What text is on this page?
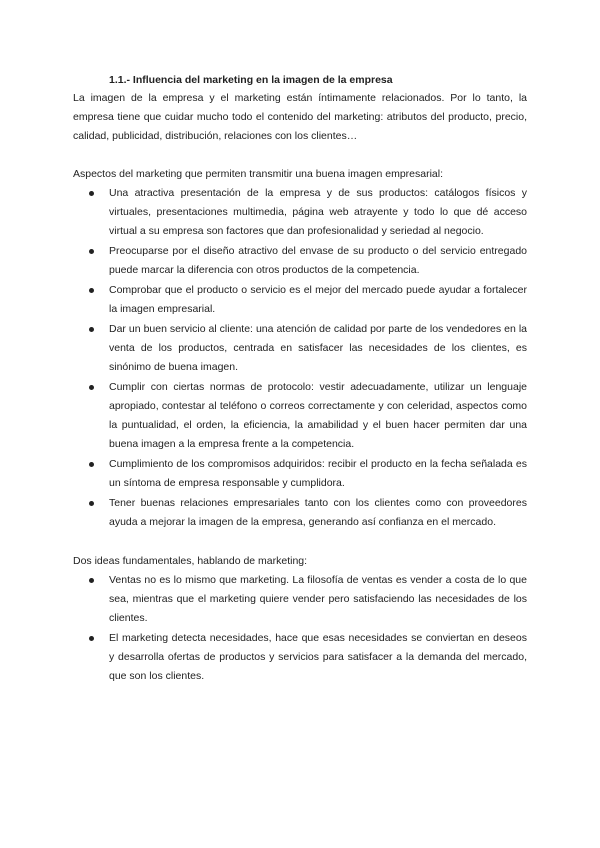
1.1.- Influencia del marketing en la imagen de la empresa

La imagen de la empresa y el marketing están íntimamente relacionados. Por lo tanto, la empresa tiene que cuidar mucho todo el contenido del marketing: atributos del producto, precio, calidad, publicidad, distribución, relaciones con los clientes…

Aspectos del marketing que permiten transmitir una buena imagen empresarial:

Una atractiva presentación de la empresa y de sus productos: catálogos físicos y virtuales, presentaciones multimedia, página web atrayente y todo lo que dé acceso virtual a su empresa son factores que dan profesionalidad y seriedad al negocio.
Preocuparse por el diseño atractivo del envase de su producto o del servicio entregado puede marcar la diferencia con otros productos de la competencia.
Comprobar que el producto o servicio es el mejor del mercado puede ayudar a fortalecer la imagen empresarial.
Dar un buen servicio al cliente: una atención de calidad por parte de los vendedores en la venta de los productos, centrada en satisfacer las necesidades de los clientes, es sinónimo de buena imagen.
Cumplir con ciertas normas de protocolo: vestir adecuadamente, utilizar un lenguaje apropiado, contestar al teléfono o correos correctamente y con celeridad, aspectos como la puntualidad, el orden, la eficiencia, la amabilidad y el buen hacer permiten dar una buena imagen a la empresa frente a la competencia.
Cumplimiento de los compromisos adquiridos: recibir el producto en la fecha señalada es un síntoma de empresa responsable y cumplidora.
Tener buenas relaciones empresariales tanto con los clientes como con proveedores ayuda a mejorar la imagen de la empresa, generando así confianza en el mercado.

Dos ideas fundamentales, hablando de marketing:

Ventas no es lo mismo que marketing. La filosofía de ventas es vender a costa de lo que sea, mientras que el marketing quiere vender pero satisfaciendo las necesidades de los clientes.
El marketing detecta necesidades, hace que esas necesidades se conviertan en deseos y desarrolla ofertas de productos y servicios para satisfacer a la demanda del mercado, que son los clientes.
